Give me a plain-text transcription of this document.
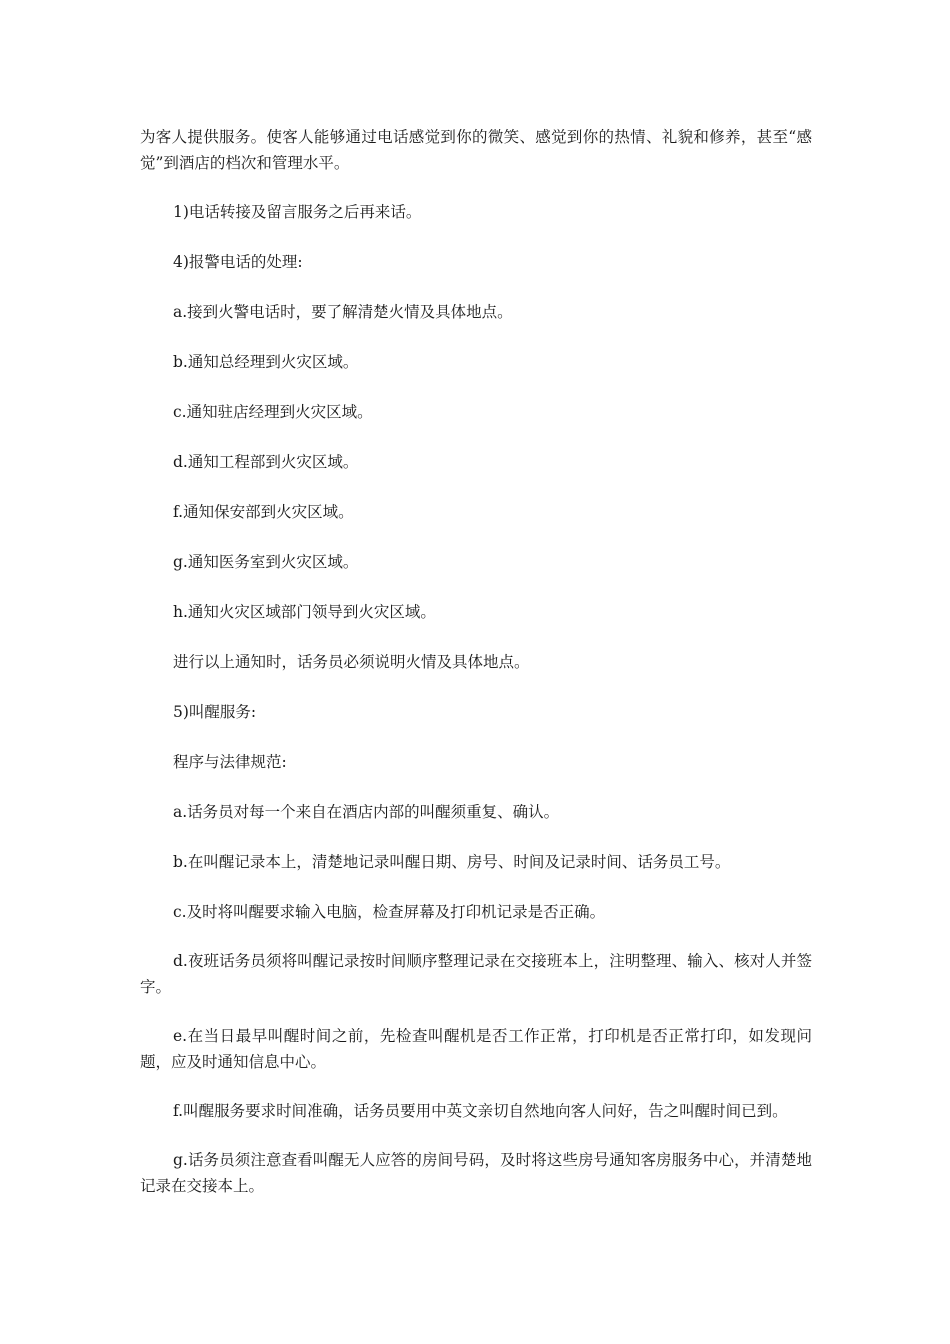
为客人提供服务。使客人能够通过电话感觉到你的微笑、感觉到你的热情、礼貌和修养，甚至“感觉”到酒店的档次和管理水平。

1)电话转接及留言服务之后再来话。

4)报警电话的处理:

a.接到火警电话时，要了解清楚火情及具体地点。

b.通知总经理到火灾区域。

c.通知驻店经理到火灾区域。

d.通知工程部到火灾区域。

f.通知保安部到火灾区域。

g.通知医务室到火灾区域。

h.通知火灾区域部门领导到火灾区域。

进行以上通知时，话务员必须说明火情及具体地点。

5)叫醒服务:

程序与法律规范:

a.话务员对每一个来自在酒店内部的叫醒须重复、确认。

b.在叫醒记录本上，清楚地记录叫醒日期、房号、时间及记录时间、话务员工号。

c.及时将叫醒要求输入电脑，检查屏幕及打印机记录是否正确。

d.夜班话务员须将叫醒记录按时间顺序整理记录在交接班本上，注明整理、输入、核对人并签字。

e.在当日最早叫醒时间之前，先检查叫醒机是否工作正常，打印机是否正常打印，如发现问题，应及时通知信息中心。

f.叫醒服务要求时间准确，话务员要用中英文亲切自然地向客人问好，告之叫醒时间已到。

g.话务员须注意查看叫醒无人应答的房间号码，及时将这些房号通知客房服务中心，并清楚地记录在交接本上。
